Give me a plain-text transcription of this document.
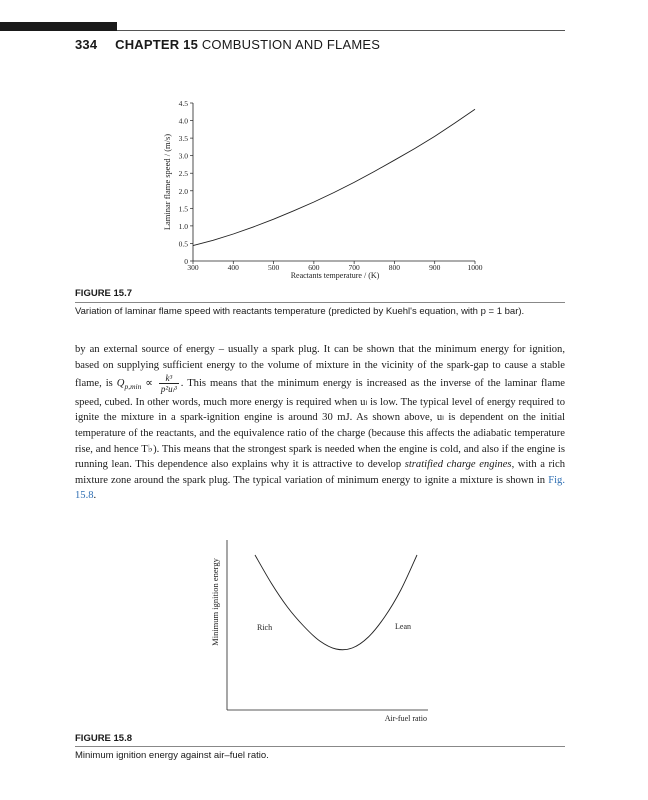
334 CHAPTER 15 COMBUSTION AND FLAMES
0
0.5
1.0
1.5
2.0
2.5
3.0
3.5
4.0
4.5
300	400	500	600	700	800	900	1000
Reactants temperature / (K)
Laminar flame speed / (m/s)
FIGURE 15.7
Variation of laminar flame speed with reactants temperature (predicted by Kuehl's equation, with p = 1 bar).

by an external source of energy – usually a spark plug. It can be shown that the minimum energy for ignition, based on supplying sufficient energy to the volume of mixture in the vicinity of the spark-gap to cause a stable flame, is $Q_{p,min} \propto \frac{\text{k³}}{\text{p²uₗ³}}$ . This means that the minimum energy is increased as the inverse of the laminar flame speed, cubed. In other words, much more energy is required when uₗ is low. The typical level of energy required to ignite the mixture in a spark-ignition engine is around 30 mJ. As shown above, uₗ is dependent on the initial temperature of the reactants, and the equivalence ratio of the charge (because this affects the adiabatic temperature rise, and hence T♭). This means that the strongest spark is needed when the engine is cold, and also if the engine is running lean. This dependence also explains why it is attractive to develop stratified charge engines, with a rich mixture zone around the spark plug. The typical variation of minimum energy to ignite a mixture is shown in Fig. 15.8.

Rich	Lean
Air-fuel ratio
Minimum ignition energy
FIGURE 15.8
Minimum ignition energy against air–fuel ratio.
